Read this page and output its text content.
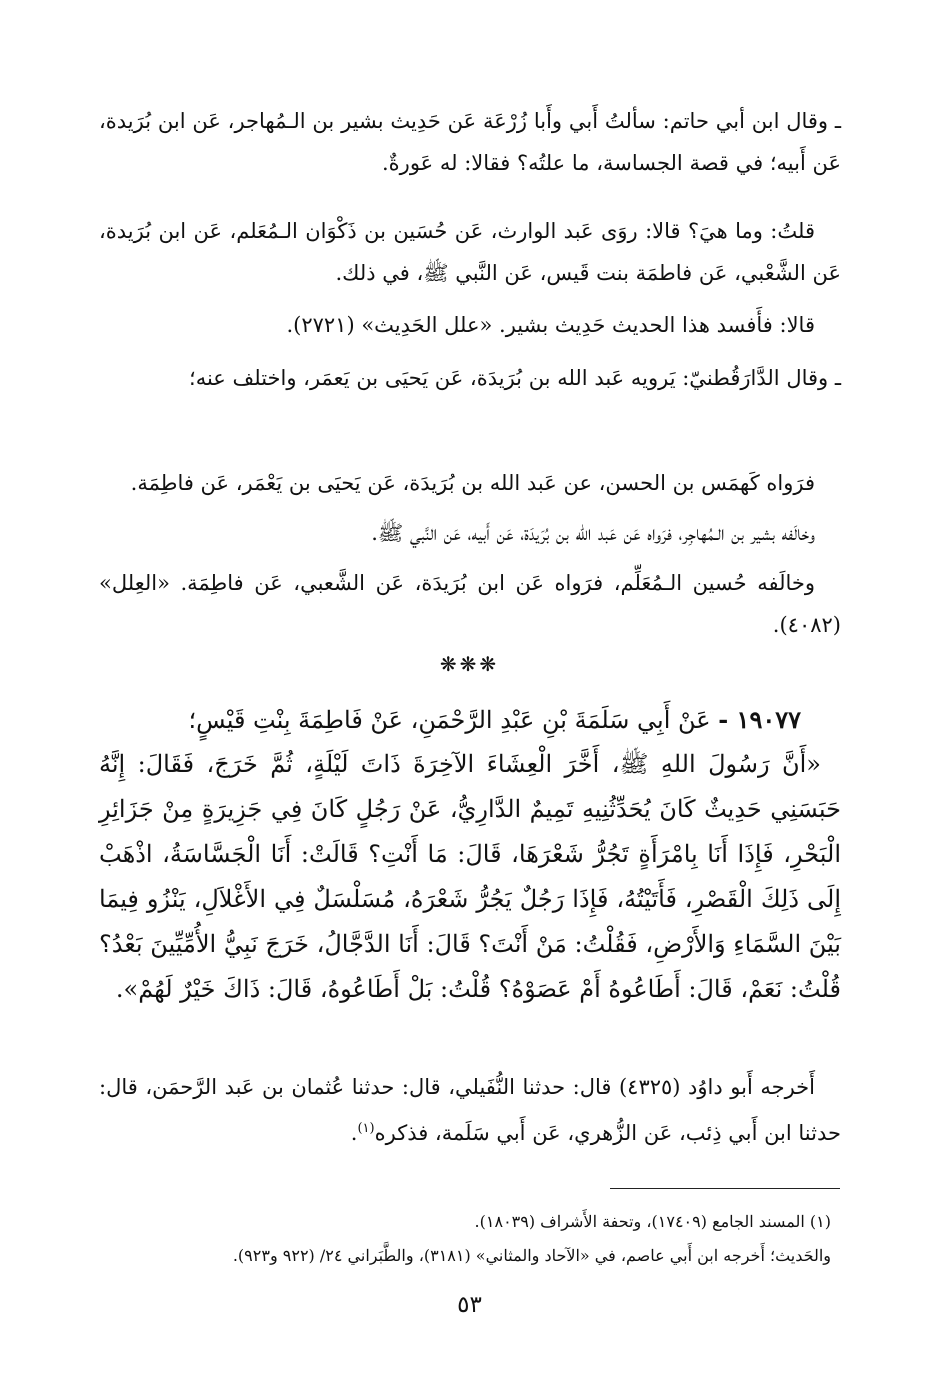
ـ وقال ابن أبي حاتم: سألتُ أَبي وأَبا زُرْعَة عَن حَدِيث بشير بن الـمُهاجر، عَن ابن بُرَيدة، عَن أَبيه؛ في قصة الجساسة، ما علتُه؟ فقالا: له عَورةٌ.

قلتُ: وما هيَ؟ قالا: روَى عَبد الوارث، عَن حُسَين بن ذَكْوَان الـمُعَلم، عَن ابن بُرَيدة، عَن الشَّعْبي، عَن فاطمَة بنت قَيس، عَن النَّبي ﷺ، في ذلك.

قالا: فأَفسد هذا الحديث حَدِيث بشير. «علل الحَدِيث» (٢٧٢١).

ـ وقال الدَّارَقُطنيّ: يَرويه عَبد الله بن بُرَيدَة، عَن يَحيَى بن يَعمَر، واختلف عنه؛

فرَواه كَهمَس بن الحسن، عن عَبد الله بن بُرَيدَة، عَن يَحيَى بن يَعْمَر، عَن فاطِمَة.

وخالَفه بشير بن الـمُهاجِر، فرَواه عَن عَبد الله بن بُرَيدَة، عَن أَبيه، عَن النَّبي ﷺ.

وخالَفه حُسين الـمُعَلِّم، فرَواه عَن ابن بُرَيدَة، عَن الشَّعبي، عَن فاطِمَة. «العِلل» (٤٠٨٢).

❋❋❋

١٩٠٧٧ - عَنْ أَبِي سَلَمَةَ بْنِ عَبْدِ الرَّحْمَنِ، عَنْ فَاطِمَةَ بِنْتِ قَيْسٍ؛

«أَنَّ رَسُولَ اللهِ ﷺ، أَخَّرَ الْعِشَاءَ الآخِرَةَ ذَاتَ لَيْلَةٍ، ثُمَّ خَرَجَ، فَقَالَ: إِنَّهُ حَبَسَنِي حَدِيثٌ كَانَ يُحَدِّثُنِيهِ تَمِيمٌ الدَّارِيُّ، عَنْ رَجُلٍ كَانَ فِي جَزِيرَةٍ مِنْ جَزَائِرِ الْبَحْرِ، فَإِذَا أَنَا بِامْرَأَةٍ تَجُرُّ شَعْرَهَا، قَالَ: مَا أَنْتِ؟ قَالَتْ: أَنَا الْجَسَّاسَةُ، اذْهَبْ إِلَى ذَلِكَ الْقَصْرِ، فَأَتَيْتُهُ، فَإِذَا رَجُلٌ يَجُرُّ شَعْرَهُ، مُسَلْسَلٌ فِي الأَغْلاَلِ، يَنْزُو فِيمَا بَيْنَ السَّمَاءِ وَالأَرْضِ، فَقُلْتُ: مَنْ أَنْتَ؟ قَالَ: أَنَا الدَّجَّالُ، خَرَجَ نَبِيُّ الأُمِّيِّينَ بَعْدُ؟ قُلْتُ: نَعَمْ، قَالَ: أَطَاعُوهُ أَمْ عَصَوْهُ؟ قُلْتُ: بَلْ أَطَاعُوهُ، قَالَ: ذَاكَ خَيْرٌ لَهُمْ».

أَخرجه أَبو داوُد (٤٣٢٥) قال: حدثنا النُّفَيلي، قال: حدثنا عُثمان بن عَبد الرَّحمَن، قال: حدثنا ابن أَبي ذِئب، عَن الزُّهري، عَن أَبي سَلَمة، فذكره$^{(١)}$.

(١) المسند الجامع (١٧٤٠٩)، وتحفة الأَشراف (١٨٠٣٩).

والحَديث؛ أَخرجه ابن أَبي عاصم، في «الآحاد والمثاني» (٣١٨١)، والطَّبَراني ٢٤/ (٩٢٢ و٩٢٣).

٥٣
